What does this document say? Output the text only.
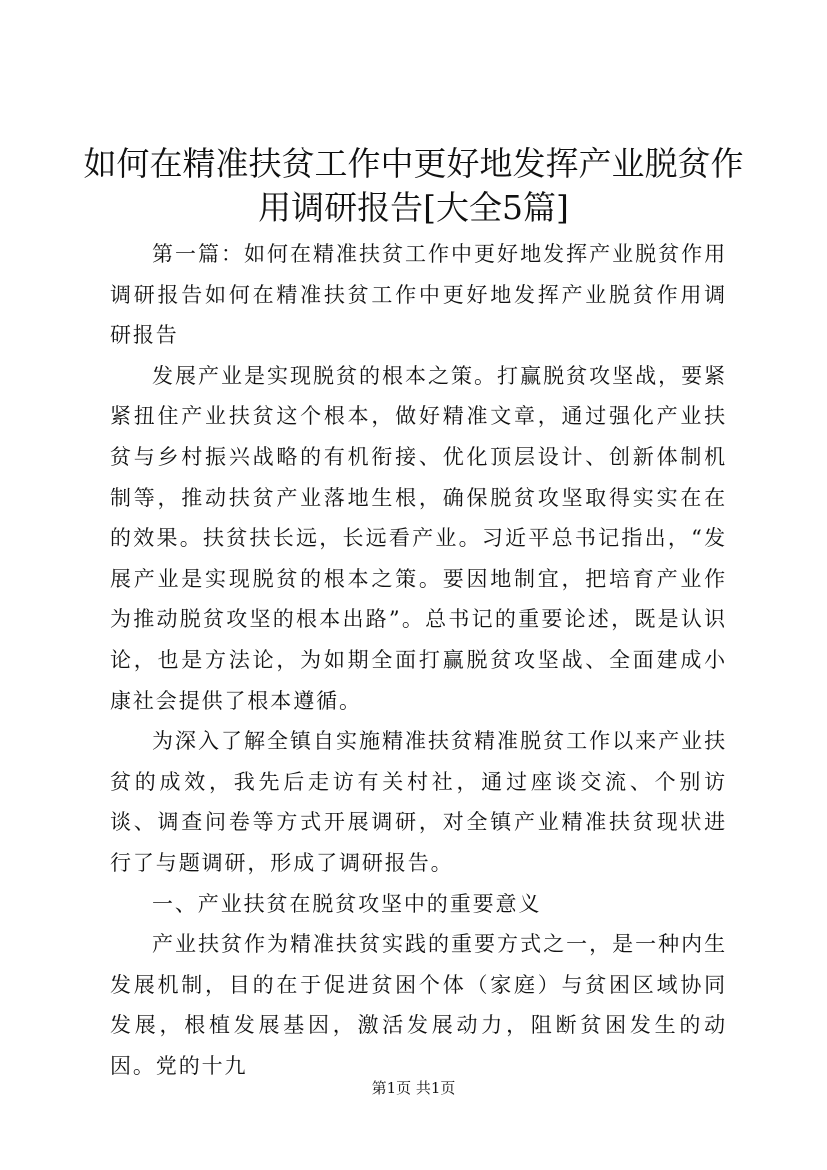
如何在精准扶贫工作中更好地发挥产业脱贫作用调研报告[大全5篇]

第一篇：如何在精准扶贫工作中更好地发挥产业脱贫作用调研报告如何在精准扶贫工作中更好地发挥产业脱贫作用调研报告

发展产业是实现脱贫的根本之策。打赢脱贫攻坚战，要紧紧扭住产业扶贫这个根本，做好精准文章，通过强化产业扶贫与乡村振兴战略的有机衔接、优化顶层设计、创新体制机制等，推动扶贫产业落地生根，确保脱贫攻坚取得实实在在的效果。扶贫扶长远，长远看产业。习近平总书记指出，“发展产业是实现脱贫的根本之策。要因地制宜，把培育产业作为推动脱贫攻坚的根本出路”。总书记的重要论述，既是认识论，也是方法论，为如期全面打赢脱贫攻坚战、全面建成小康社会提供了根本遵循。

为深入了解全镇自实施精准扶贫精准脱贫工作以来产业扶贫的成效，我先后走访有关村社，通过座谈交流、个别访谈、调查问卷等方式开展调研，对全镇产业精准扶贫现状进行了与题调研，形成了调研报告。

一、产业扶贫在脱贫攻坚中的重要意义

产业扶贫作为精准扶贫实践的重要方式之一，是一种内生发展机制，目的在于促进贫困个体（家庭）与贫困区域协同发展，根植发展基因，激活发展动力，阻断贫困发生的动因。党的十九

第1页 共1页
